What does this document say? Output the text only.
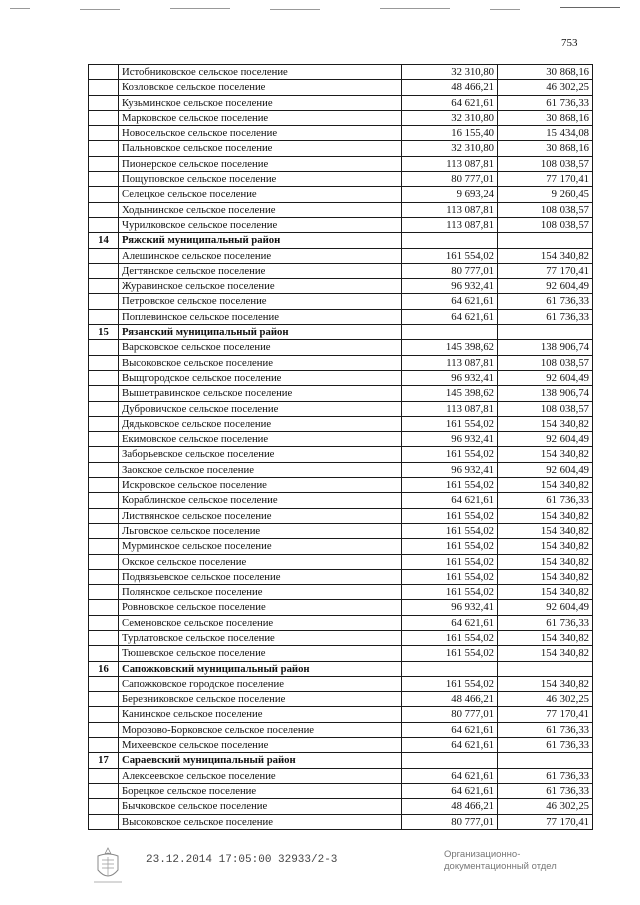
753
	Истобниковское сельское поселение	32 310,80	30 868,16
	Козловское сельское поселение	48 466,21	46 302,25
	Кузьминское сельское поселение	64 621,61	61 736,33
	Марковское сельское поселение	32 310,80	30 868,16
	Новосельское сельское поселение	16 155,40	15 434,08
	Пальновское сельское поселение	32 310,80	30 868,16
	Пионерское сельское поселение	113 087,81	108 038,57
	Пощуповское сельское поселение	80 777,01	77 170,41
	Селецкое сельское поселение	9 693,24	9 260,45
	Ходынинское сельское поселение	113 087,81	108 038,57
	Чурилковское сельское поселение	113 087,81	108 038,57
14	Ряжский муниципальный район		
	Алешинское сельское поселение	161 554,02	154 340,82
	Дегтянское сельское поселение	80 777,01	77 170,41
	Журавинское сельское поселение	96 932,41	92 604,49
	Петровское сельское поселение	64 621,61	61 736,33
	Поплевинское сельское поселение	64 621,61	61 736,33
15	Рязанский муниципальный район		
	Варсковское сельское поселение	145 398,62	138 906,74
	Высоковское сельское поселение	113 087,81	108 038,57
	Выщгородское сельское поселение	96 932,41	92 604,49
	Вышетравинское сельское поселение	145 398,62	138 906,74
	Дубровичское сельское поселение	113 087,81	108 038,57
	Дядьковское сельское поселение	161 554,02	154 340,82
	Екимовское сельское поселение	96 932,41	92 604,49
	Заборьевское сельское поселение	161 554,02	154 340,82
	Заокское сельское поселение	96 932,41	92 604,49
	Искровское сельское поселение	161 554,02	154 340,82
	Кораблинское сельское поселение	64 621,61	61 736,33
	Листвянское сельское поселение	161 554,02	154 340,82
	Льговское сельское поселение	161 554,02	154 340,82
	Мурминское сельское поселение	161 554,02	154 340,82
	Окское сельское поселение	161 554,02	154 340,82
	Подвязьевское сельское поселение	161 554,02	154 340,82
	Полянское сельское поселение	161 554,02	154 340,82
	Ровновское сельское поселение	96 932,41	92 604,49
	Семеновское сельское поселение	64 621,61	61 736,33
	Турлатовское сельское поселение	161 554,02	154 340,82
	Тюшевское сельское поселение	161 554,02	154 340,82
16	Сапожковский муниципальный район		
	Сапожковское городское поселение	161 554,02	154 340,82
	Березниковское сельское поселение	48 466,21	46 302,25
	Канинское сельское поселение	80 777,01	77 170,41
	Морозово-Борковское сельское поселение	64 621,61	61 736,33
	Михеевское сельское поселение	64 621,61	61 736,33
17	Сараевский муниципальный район		
	Алексеевское сельское поселение	64 621,61	61 736,33
	Борецкое сельское поселение	64 621,61	61 736,33
	Бычковское сельское поселение	48 466,21	46 302,25
	Высоковское сельское поселение	80 777,01	77 170,41
23.12.2014 17:05:00 32933/2-3	Организационно-
документационный отдел
